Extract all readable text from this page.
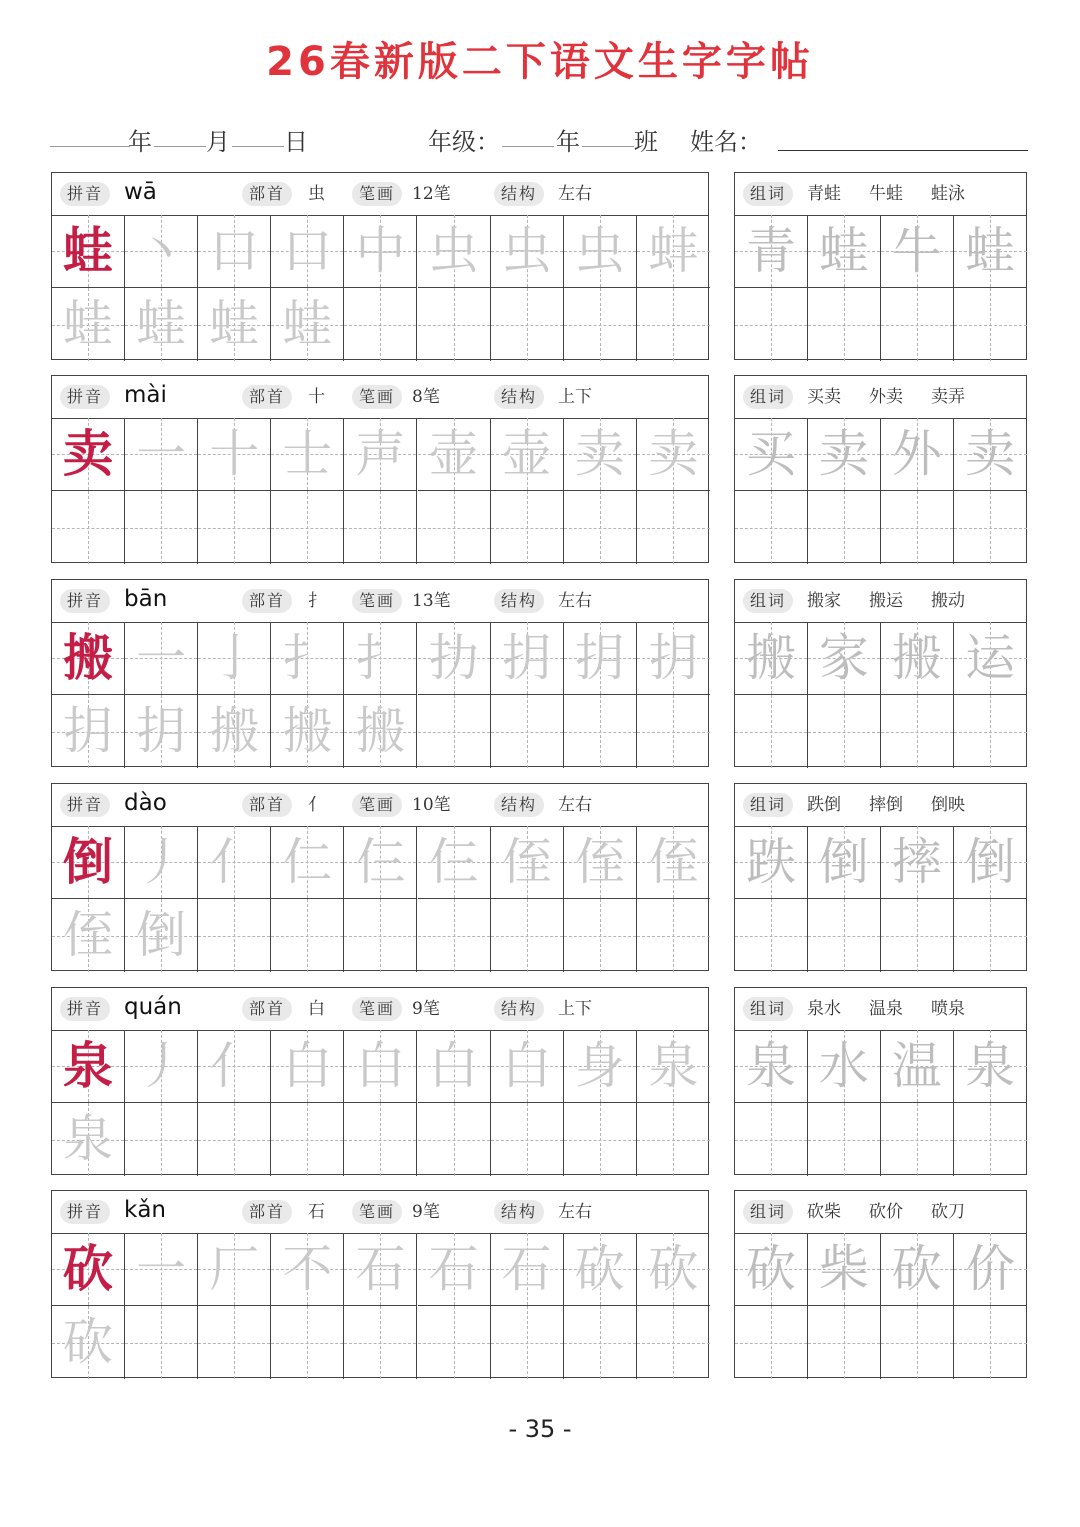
26春新版二下语文生字字帖
年 月 日	年级： 年 班 姓名：
拼音 wā	部首	虫	笔画 12笔	结构	左右
蛙 丶 口 口 中 虫 虫 虫 蚌
蛙 蛙 蛙 蛙
组词	青蛙 牛蛙 蛙泳
青 蛙 牛 蛙
拼音 mài	部首	十	笔画 8笔	结构	上下
卖 一 十 士 声 壶 壶 卖 卖
组词	买卖 外卖 卖弄
买 卖 外 卖
拼音 bān	部首	扌	笔画 13笔	结构	左右
搬 一 亅 扌 扌 扐 抈 抈 抈
抈 抈 搬 搬 搬
组词	搬家 搬运 搬动
搬 家 搬 运
拼音 dào	部首	亻	笔画 10笔	结构	左右
倒 丿 亻 仁 仨 仨 侄 侄 侄
侄 倒
组词	跌倒 摔倒 倒映
跌 倒 摔 倒
拼音 quán	部首	白	笔画 9笔	结构	上下
泉 丿 亻 白 白 白 白 身 泉
泉
组词	泉水 温泉 喷泉
泉 水 温 泉
拼音 kǎn	部首	石	笔画 9笔	结构	左右
砍 一 厂 不 石 石 石 砍 砍
砍
组词	砍柴 砍价 砍刀
砍 柴 砍 价
- 35 -
